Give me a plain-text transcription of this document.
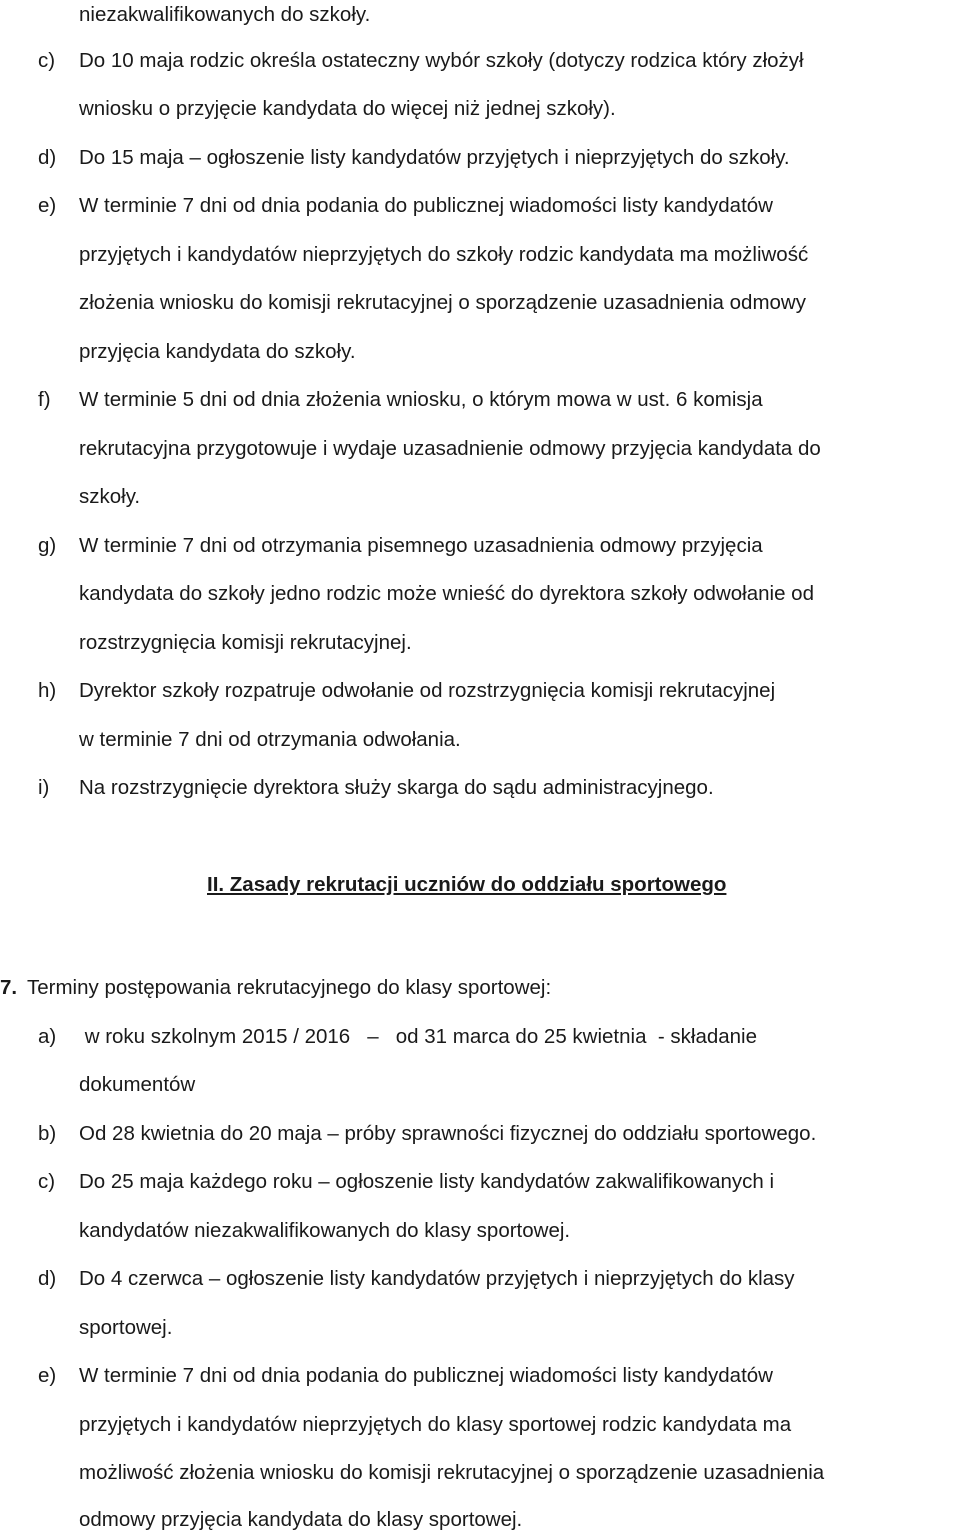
niezakwalifikowanych do szkoły.
c) Do 10 maja rodzic określa ostateczny wybór szkoły (dotyczy rodzica który złożył
wniosku o przyjęcie kandydata do więcej niż jednej szkoły).
d) Do 15 maja – ogłoszenie listy kandydatów przyjętych i nieprzyjętych do szkoły.
e) W terminie 7 dni od dnia podania do publicznej wiadomości listy kandydatów
przyjętych i kandydatów nieprzyjętych do szkoły rodzic kandydata ma możliwość
złożenia wniosku do komisji rekrutacyjnej o sporządzenie uzasadnienia odmowy
przyjęcia kandydata do szkoły.
f) W terminie 5 dni od dnia złożenia wniosku, o którym mowa w ust. 6 komisja
rekrutacyjna przygotowuje i wydaje uzasadnienie odmowy przyjęcia kandydata do
szkoły.
g) W terminie 7 dni od otrzymania pisemnego uzasadnienia odmowy przyjęcia
kandydata do szkoły jedno rodzic może wnieść do dyrektora szkoły odwołanie od
rozstrzygnięcia komisji rekrutacyjnej.
h) Dyrektor szkoły rozpatruje odwołanie od rozstrzygnięcia komisji rekrutacyjnej
w terminie 7 dni od otrzymania odwołania.
i) Na rozstrzygnięcie dyrektora służy skarga do sądu administracyjnego.
II. Zasady rekrutacji uczniów do oddziału sportowego
7. Terminy postępowania rekrutacyjnego do klasy sportowej:
a) w roku szkolnym 2015 / 2016   –   od 31 marca do 25 kwietnia  - składanie
dokumentów
b) Od 28 kwietnia do 20 maja – próby sprawności fizycznej do oddziału sportowego.
c) Do 25 maja każdego roku – ogłoszenie listy kandydatów zakwalifikowanych i
kandydatów niezakwalifikowanych do klasy sportowej.
d) Do 4 czerwca – ogłoszenie listy kandydatów przyjętych i nieprzyjętych do klasy
sportowej.
e) W terminie 7 dni od dnia podania do publicznej wiadomości listy kandydatów
przyjętych i kandydatów nieprzyjętych do klasy sportowej rodzic kandydata ma
możliwość złożenia wniosku do komisji rekrutacyjnej o sporządzenie uzasadnienia
odmowy przyjęcia kandydata do klasy sportowej.
